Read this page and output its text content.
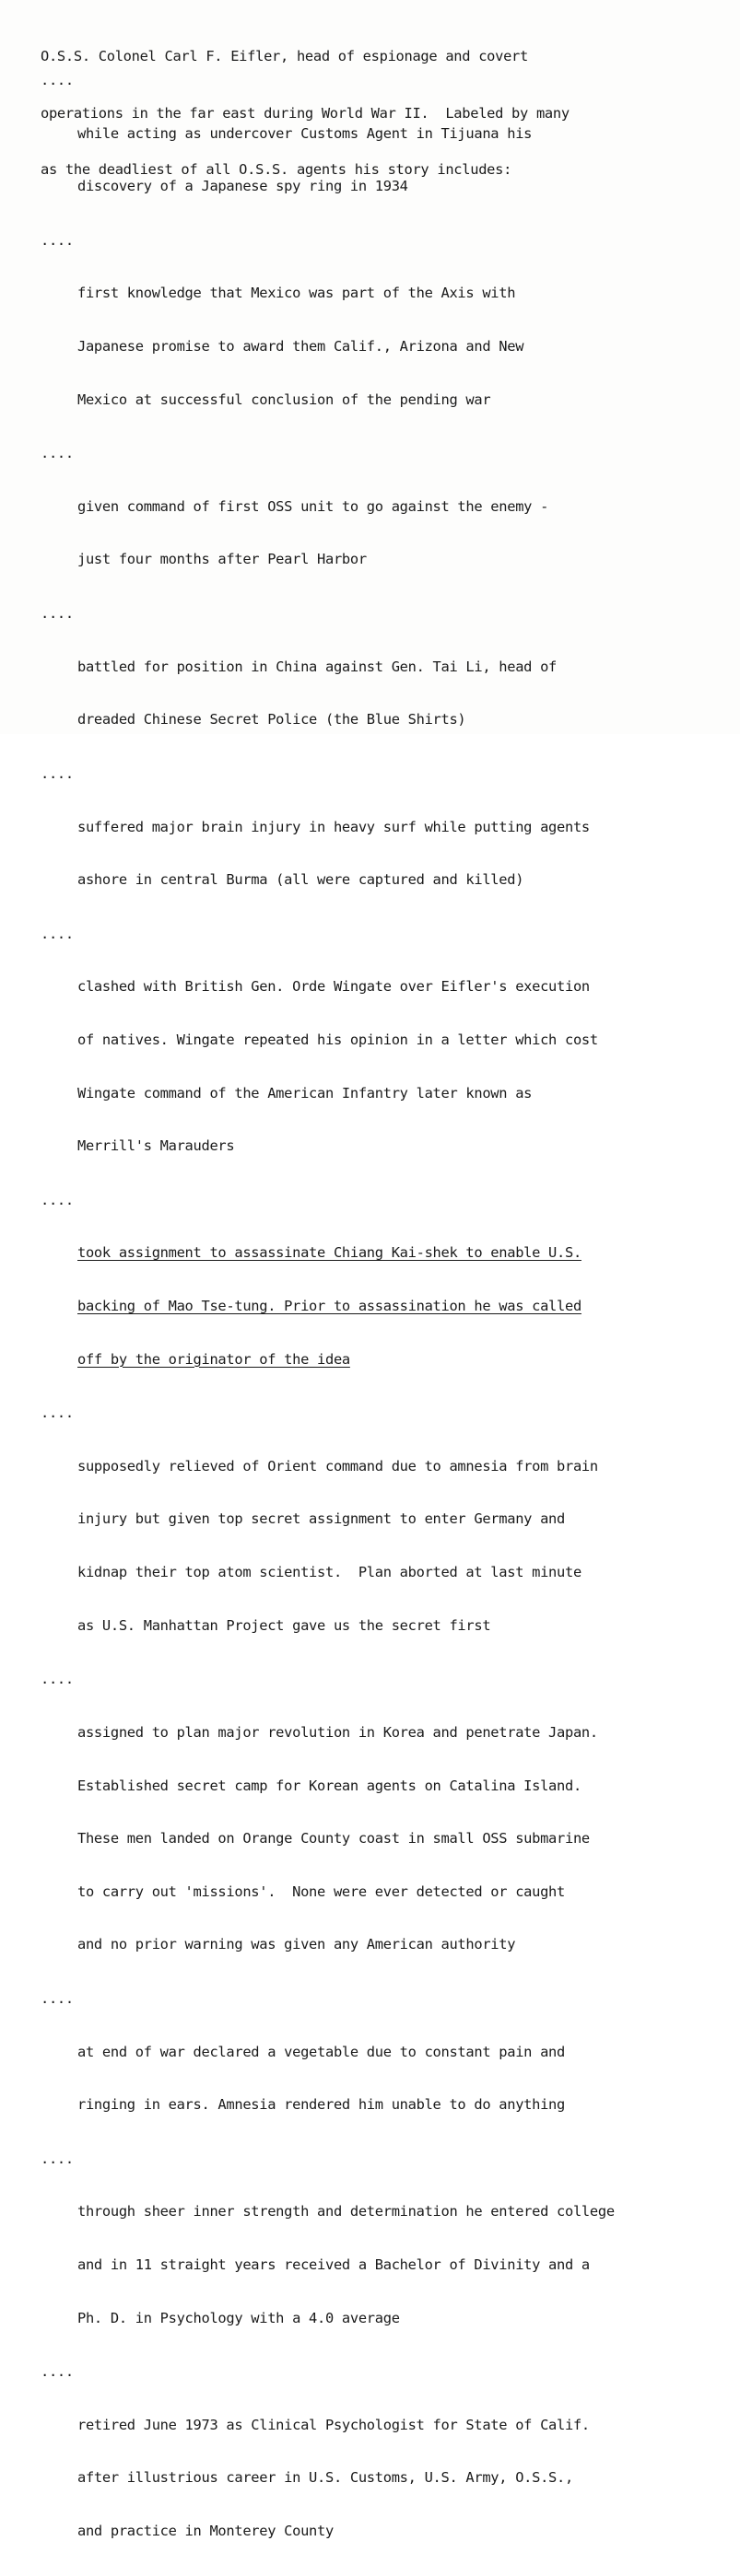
O.S.S. Colonel Carl F. Eifler, head of espionage and covert

operations in the far east during World War II.  Labeled by many

as the deadliest of all O.S.S. agents his story includes:

....

while acting as undercover Customs Agent in Tijuana his

discovery of a Japanese spy ring in 1934

....

first knowledge that Mexico was part of the Axis with

Japanese promise to award them Calif., Arizona and New

Mexico at successful conclusion of the pending war

....

given command of first OSS unit to go against the enemy -

just four months after Pearl Harbor

....

battled for position in China against Gen. Tai Li, head of

dreaded Chinese Secret Police (the Blue Shirts)

....

suffered major brain injury in heavy surf while putting agents

ashore in central Burma (all were captured and killed)

....

clashed with British Gen. Orde Wingate over Eifler's execution

of natives. Wingate repeated his opinion in a letter which cost

Wingate command of the American Infantry later known as

Merrill's Marauders

....

took assignment to assassinate Chiang Kai-shek to enable U.S.

backing of Mao Tse-tung. Prior to assassination he was called

off by the originator of the idea

....

supposedly relieved of Orient command due to amnesia from brain

injury but given top secret assignment to enter Germany and

kidnap their top atom scientist.  Plan aborted at last minute

as U.S. Manhattan Project gave us the secret first

....

assigned to plan major revolution in Korea and penetrate Japan.

Established secret camp for Korean agents on Catalina Island.

These men landed on Orange County coast in small OSS submarine

to carry out 'missions'.  None were ever detected or caught

and no prior warning was given any American authority

....

at end of war declared a vegetable due to constant pain and

ringing in ears. Amnesia rendered him unable to do anything

....

through sheer inner strength and determination he entered college

and in 11 straight years received a Bachelor of Divinity and a

Ph. D. in Psychology with a 4.0 average

....

retired June 1973 as Clinical Psychologist for State of Calif.

after illustrious career in U.S. Customs, U.S. Army, O.S.S.,

and practice in Monterey County
